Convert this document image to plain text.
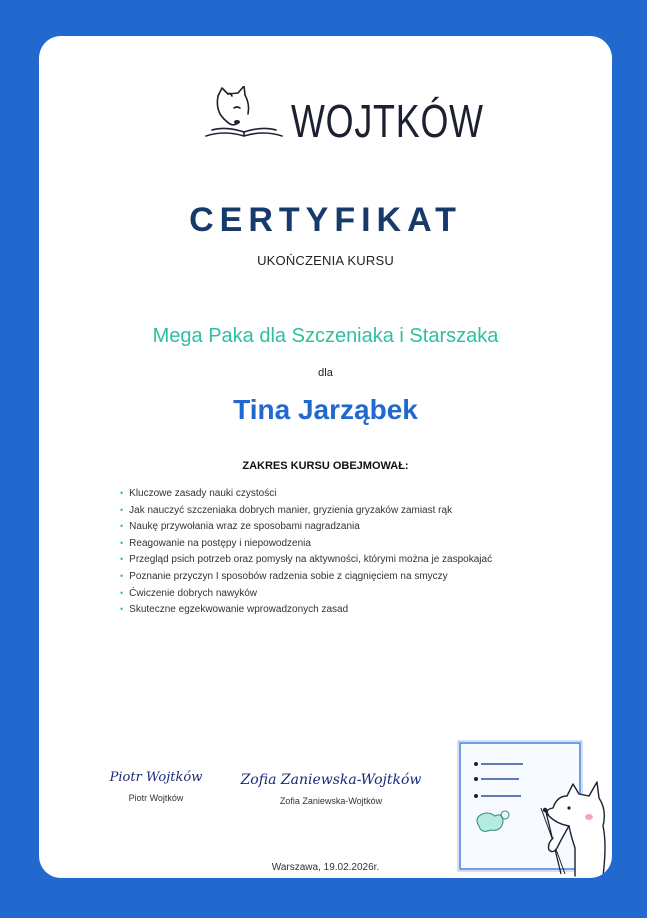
WOJTKÓW
CERTYFIKAT
UKOŃCZENIA KURSU
Mega Paka dla Szczeniaka i Starszaka
dla
Tina Jarząbek
ZAKRES KURSU OBEJMOWAŁ:
• Kluczowe zasady nauki czystości
• Jak nauczyć szczeniaka dobrych manier, gryzienia gryzaków zamiast rąk
• Naukę przywołania wraz ze sposobami nagradzania
• Reagowanie na postępy i niepowodzenia
• Przegląd psich potrzeb oraz pomysły na aktywności, którymi można je zaspokajać
• Poznanie przyczyn I sposobów radzenia sobie z ciągnięciem na smyczy
• Ćwiczenie dobrych nawyków
• Skuteczne egzekwowanie wprowadzonych zasad
Piotr Wojtków
Piotr Wojtków
Zofia Zaniewska-Wojtków
Zofia Zaniewska-Wojtków
Warszawa, 19.02.2026r.
